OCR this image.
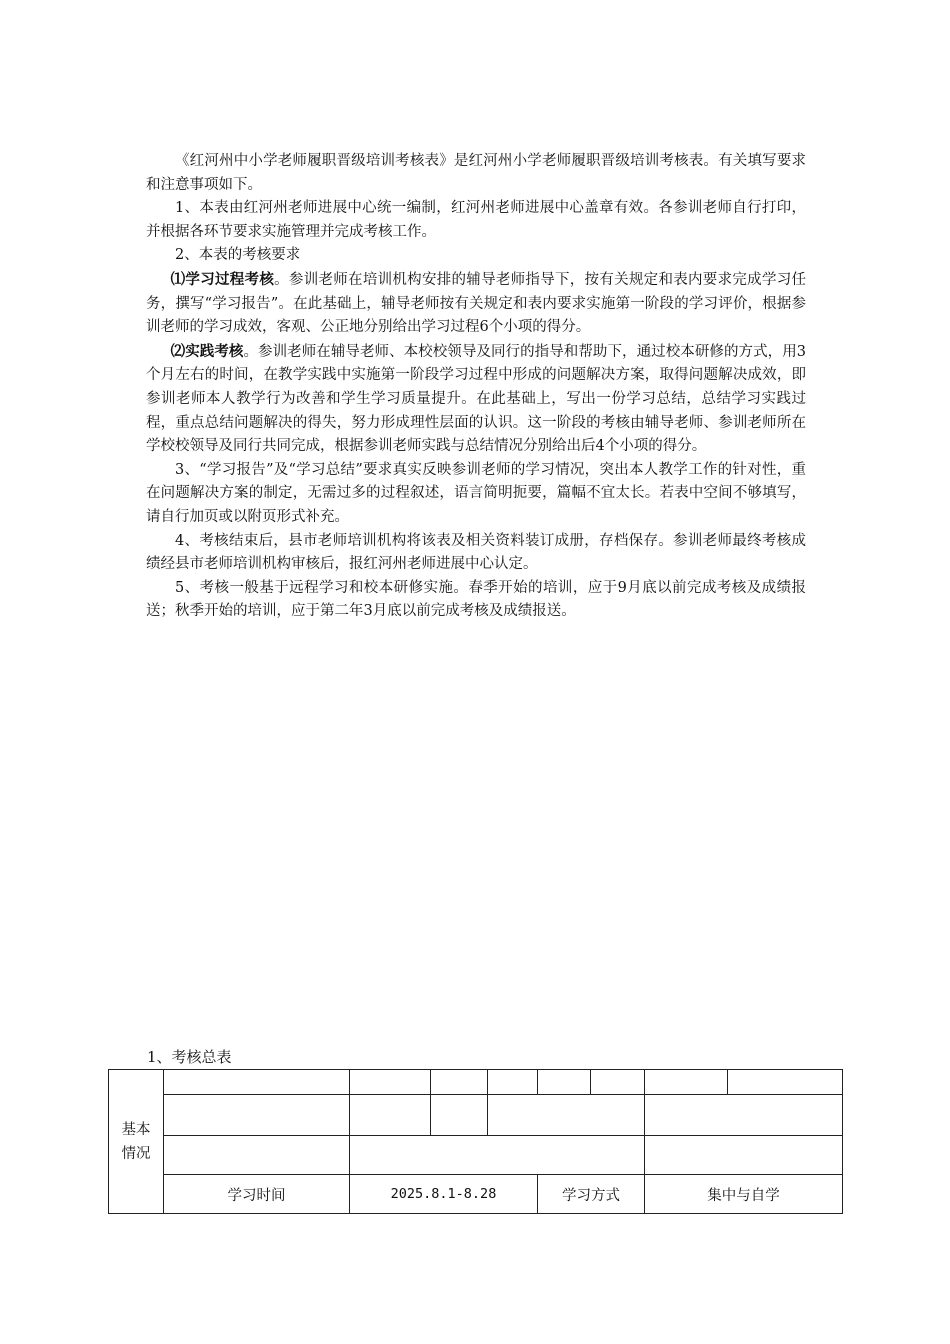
《红河州中小学老师履职晋级培训考核表》是红河州小学老师履职晋级培训考核表。有关填写要求和注意事项如下。

1、本表由红河州老师进展中心统一编制，红河州老师进展中心盖章有效。各参训老师自行打印，并根据各环节要求实施管理并完成考核工作。

2、本表的考核要求

⑴学习过程考核。参训老师在培训机构安排的辅导老师指导下，按有关规定和表内要求完成学习任务，撰写“学习报告”。在此基础上，辅导老师按有关规定和表内要求实施第一阶段的学习评价，根据参训老师的学习成效，客观、公正地分别给出学习过程6个小项的得分。

⑵实践考核。参训老师在辅导老师、本校校领导及同行的指导和帮助下，通过校本研修的方式，用3个月左右的时间，在教学实践中实施第一阶段学习过程中形成的问题解决方案，取得问题解决成效，即参训老师本人教学行为改善和学生学习质量提升。在此基础上，写出一份学习总结，总结学习实践过程，重点总结问题解决的得失，努力形成理性层面的认识。这一阶段的考核由辅导老师、参训老师所在学校校领导及同行共同完成，根据参训老师实践与总结情况分别给出后4个小项的得分。

3、“学习报告”及“学习总结”要求真实反映参训老师的学习情况，突出本人教学工作的针对性，重在问题解决方案的制定，无需过多的过程叙述，语言简明扼要，篇幅不宜太长。若表中空间不够填写，请自行加页或以附页形式补充。

4、考核结束后，县市老师培训机构将该表及相关资料装订成册，存档保存。参训老师最终考核成绩经县市老师培训机构审核后，报红河州老师进展中心认定。

5、考核一般基于远程学习和校本研修实施。春季开始的培训，应于9月底以前完成考核及成绩报送；秋季开始的培训，应于第二年3月底以前完成考核及成绩报送。

1、考核总表
基本
情况								

	学习时间	2025.8.1-8.28			学习方式		集中与自学	
